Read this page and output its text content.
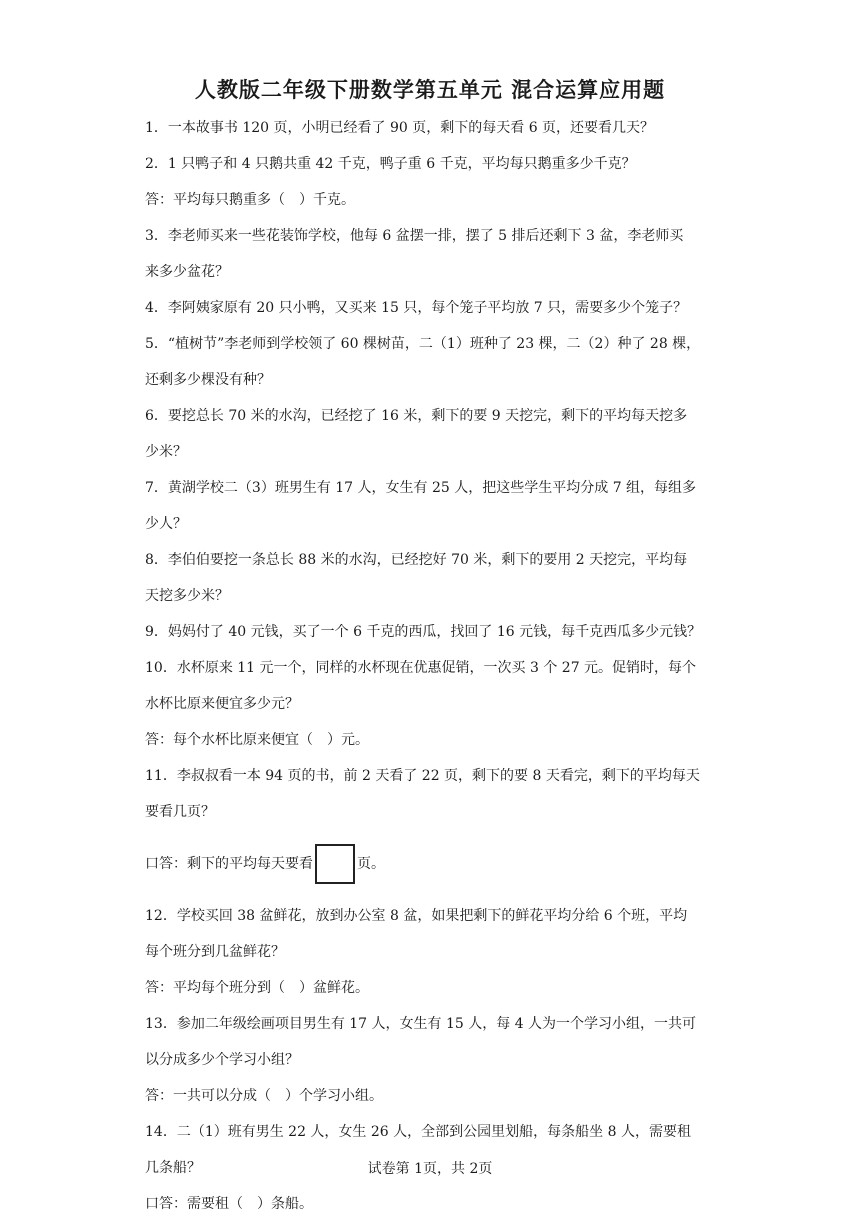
人教版二年级下册数学第五单元 混合运算应用题

1．一本故事书 120 页，小明已经看了 90 页，剩下的每天看 6 页，还要看几天？

2．1 只鸭子和 4 只鹅共重 42 千克，鸭子重 6 千克，平均每只鹅重多少千克？

答：平均每只鹅重多（　）千克。

3．李老师买来一些花装饰学校，他每 6 盆摆一排，摆了 5 排后还剩下 3 盆，李老师买

来多少盆花？

4．李阿姨家原有 20 只小鸭，又买来 15 只，每个笼子平均放 7 只，需要多少个笼子？

5．“植树节”李老师到学校领了 60 棵树苗，二（1）班种了 23 棵，二（2）种了 28 棵，

还剩多少棵没有种？

6．要挖总长 70 米的水沟，已经挖了 16 米，剩下的要 9 天挖完，剩下的平均每天挖多

少米？

7．黄湖学校二（3）班男生有 17 人，女生有 25 人，把这些学生平均分成 7 组，每组多

少人？

8．李伯伯要挖一条总长 88 米的水沟，已经挖好 70 米，剩下的要用 2 天挖完，平均每

天挖多少米？

9．妈妈付了 40 元钱，买了一个 6 千克的西瓜，找回了 16 元钱，每千克西瓜多少元钱？

10．水杯原来 11 元一个，同样的水杯现在优惠促销，一次买 3 个 27 元。促销时，每个

水杯比原来便宜多少元？

答：每个水杯比原来便宜（　）元。

11．李叔叔看一本 94 页的书，前 2 天看了 22 页，剩下的要 8 天看完，剩下的平均每天

要看几页？

口答：剩下的平均每天要看	页。

12．学校买回 38 盆鲜花，放到办公室 8 盆，如果把剩下的鲜花平均分给 6 个班，平均

每个班分到几盆鲜花？

答：平均每个班分到（　）盆鲜花。

13．参加二年级绘画项目男生有 17 人，女生有 15 人，每 4 人为一个学习小组，一共可

以分成多少个学习小组？

答：一共可以分成（　）个学习小组。

14．二（1）班有男生 22 人，女生 26 人，全部到公园里划船，每条船坐 8 人，需要租

几条船？

口答：需要租（　）条船。

试卷第 1页，共 2页
